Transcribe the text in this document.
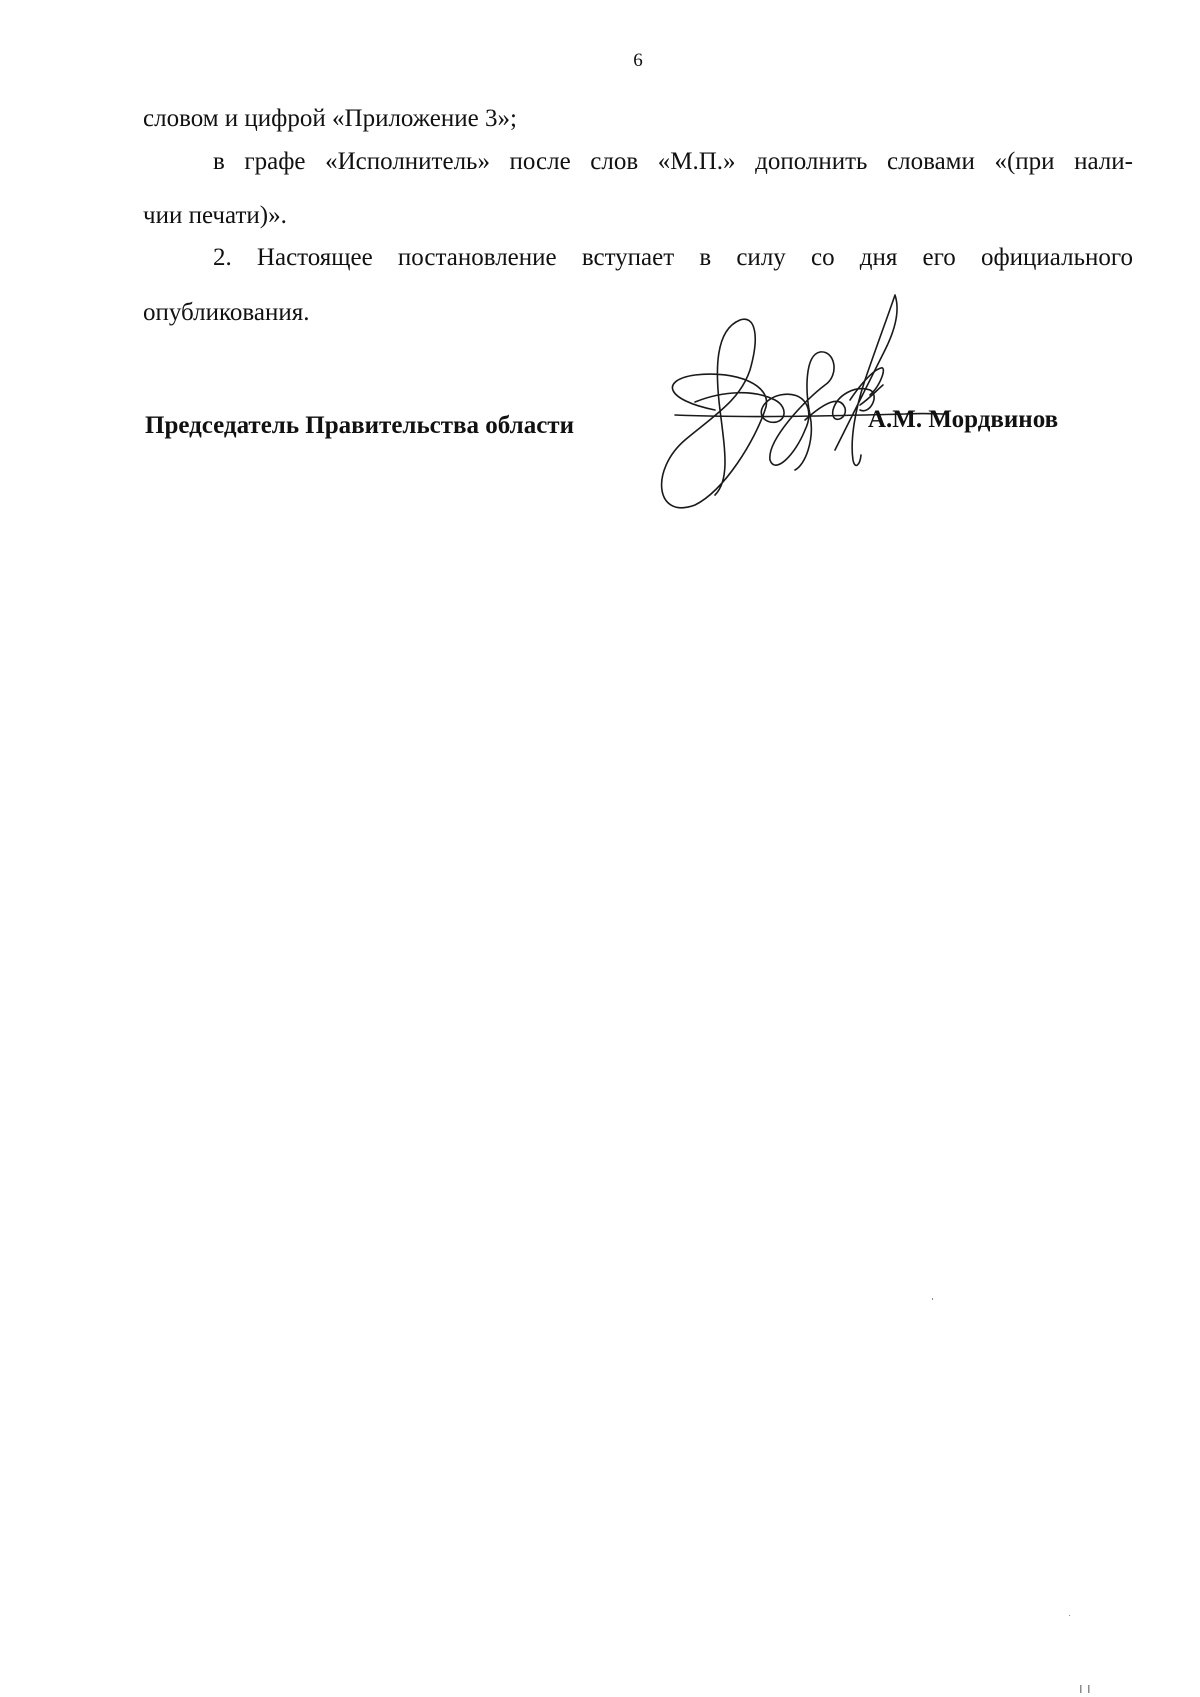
6
словом и цифрой «Приложение 3»;
в графе «Исполнитель» после слов «М.П.» дополнить словами «(при нали-
чии печати)».
2. Настоящее постановление вступает в силу со дня его официального
опубликования.
Председатель Правительства области	А.М. Мордвинов
